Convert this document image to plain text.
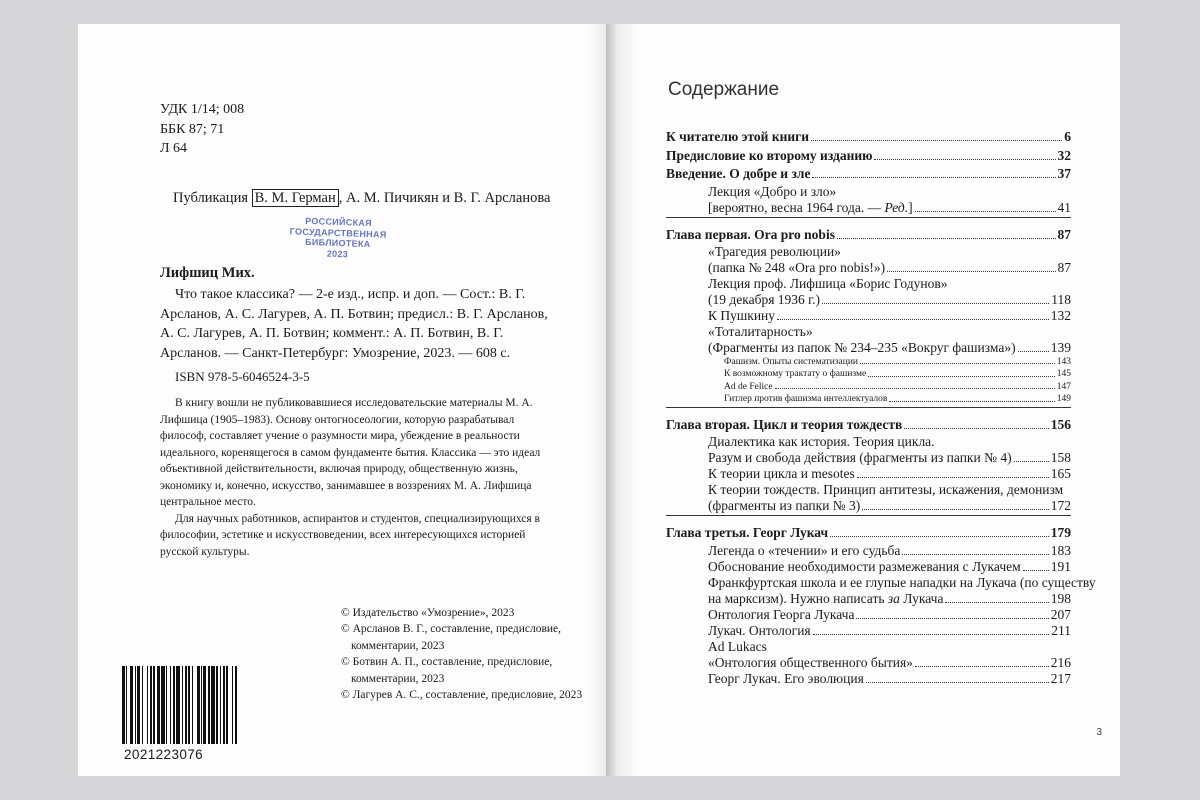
УДК 1/14; 008
ББК 87; 71
Л 64
Публикация В. М. Герман , А. М. Пичикян и В. Г. Арсланова
РОССИЙСКАЯ
ГОСУДАРСТВЕННАЯ
БИБЛИОТЕКА
2023
Лифшиц Мих.
Что такое классика? — 2-е изд., испр. и доп. — Сост.: В. Г. Арсланов, А. С. Лагурев, А. П. Ботвин; предисл.: В. Г. Арсланов, А. С. Лагурев, А. П. Ботвин; коммент.: А. П. Ботвин, В. Г. Арсланов. — Санкт-Петербург: Умозрение, 2023. — 608 с.
ISBN 978-5-6046524-3-5

В книгу вошли не публиковавшиеся исследовательские материалы М. А. Лифшица (1905–1983). Основу онтогносеологии, которую разрабатывал философ, составляет учение о разумности мира, убеждение в реальности идеального, коренящегося в самом фундаменте бытия. Классика — это идеал объективной действительности, включая природу, общественную жизнь, экономику и, конечно, искусство, занимавшее в воззрениях М. А. Лифшица центральное место.

Для научных работников, аспирантов и студентов, специализирующихся в философии, эстетике и искусствоведении, всех интересующихся историей русской культуры.

© Издательство «Умозрение», 2023
© Арсланов В. Г., составление, предисловие, комментарии, 2023
© Ботвин А. П., составление, предисловие, комментарии, 2023
© Лагурев А. С., составление, предисловие, 2023
2021223076
Содержание
К читателю этой книги	6
Предисловие ко второму изданию	32
Введение. О добре и зле	37
Лекция «Добро и зло»
[вероятно, весна 1964 года. — Ред.]	41
Глава первая. Ora pro nobis	87
«Трагедия революции»
(папка № 248 «Ora pro nobis!»)	87
Лекция проф. Лифшица «Борис Годунов»
(19 декабря 1936 г.)	118
К Пушкину	132
«Тоталитарность»
(Фрагменты из папок № 234–235 «Вокруг фашизма»)	139
Фашизм. Опыты систематизации	143
К возможному трактату о фашизме	145
Ad de Felice	147
Гитлер против фашизма интеллектуалов	149
Глава вторая. Цикл и теория тождеств	156
Диалектика как история. Теория цикла.
Разум и свобода действия (фрагменты из папки № 4)	158
К теории цикла и mesotes	165
К теории тождеств. Принцип антитезы, искажения, демонизм
(фрагменты из папки № 3)	172
Глава третья. Георг Лукач	179
Легенда о «течении» и его судьба	183
Обоснование необходимости размежевания с Лукачем 191
Франкфуртская школа и ее глупые нападки на Лукача (по существу
на марксизм). Нужно написать за Лукача	198
Онтология Георга Лукача	207
Лукач. Онтология	211
Ad Lukacs
«Онтология общественного бытия»	216
Георг Лукач. Его эволюция	217
3
